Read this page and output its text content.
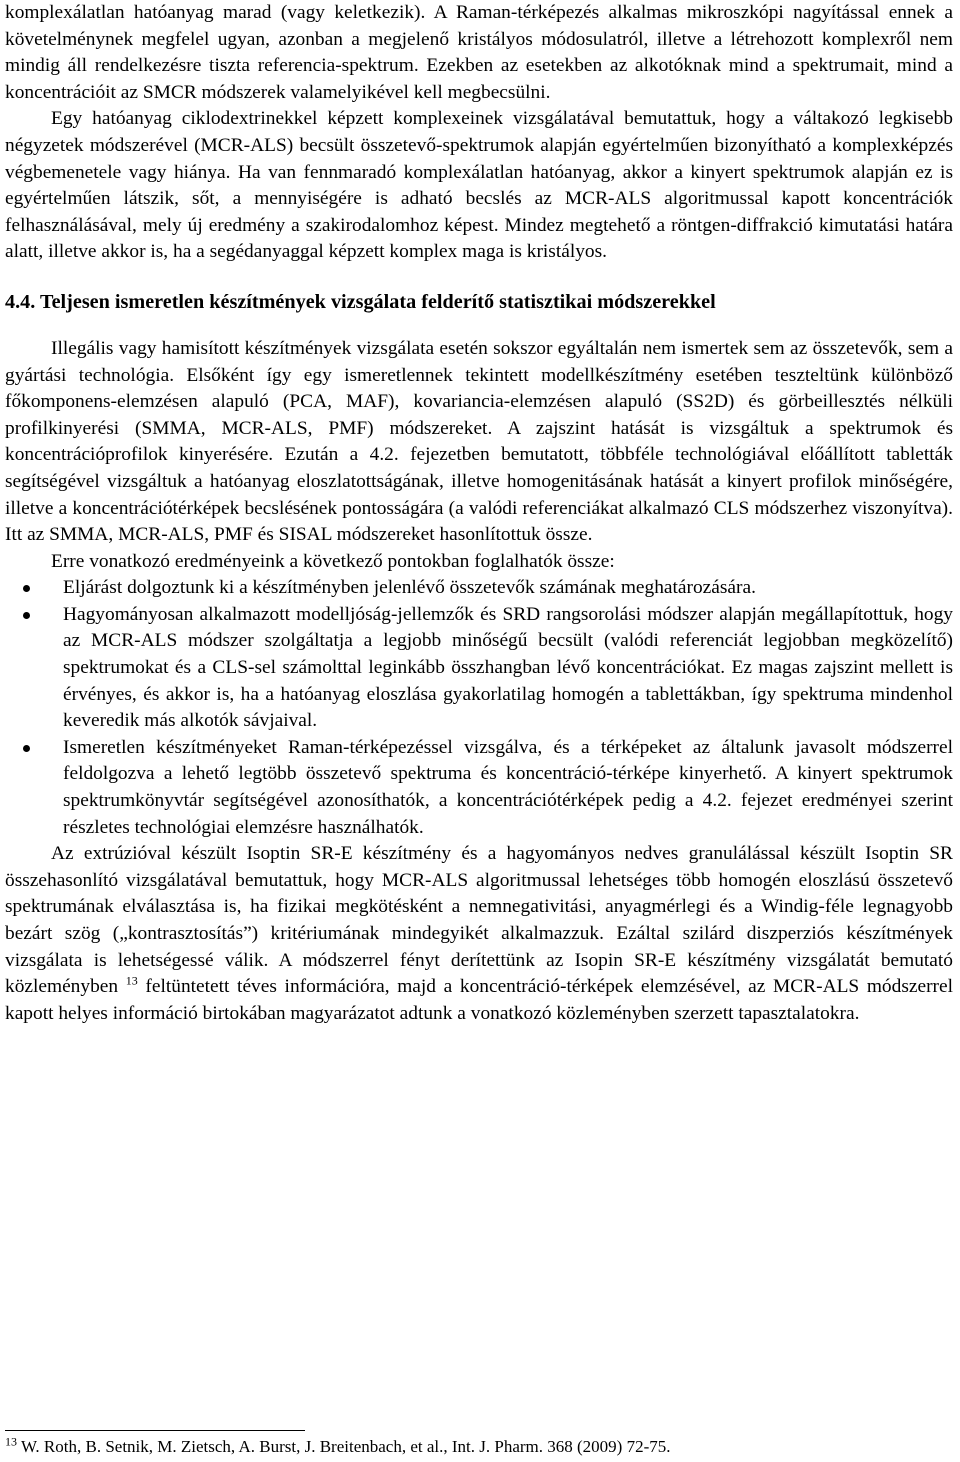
komplexálatlan hatóanyag marad (vagy keletkezik). A Raman-térképezés alkalmas mikroszkópi nagyítással ennek a követelménynek megfelel ugyan, azonban a megjelenő kristályos módosulatról, illetve a létrehozott komplexről nem mindig áll rendelkezésre tiszta referencia-spektrum. Ezekben az esetekben az alkotóknak mind a spektrumait, mind a koncentrációit az SMCR módszerek valamelyikével kell megbecsülni.

Egy hatóanyag ciklodextrinekkel képzett komplexeinek vizsgálatával bemutattuk, hogy a váltakozó legkisebb négyzetek módszerével (MCR-ALS) becsült összetevő-spektrumok alapján egyértelműen bizonyítható a komplexképzés végbemenetele vagy hiánya. Ha van fennmaradó komplexálatlan hatóanyag, akkor a kinyert spektrumok alapján ez is egyértelműen látszik, sőt, a mennyiségére is adható becslés az MCR-ALS algoritmussal kapott koncentrációk felhasználásával, mely új eredmény a szakirodalomhoz képest. Mindez megtehető a röntgen-diffrakció kimutatási határa alatt, illetve akkor is, ha a segédanyaggal képzett komplex maga is kristályos.

4.4. Teljesen ismeretlen készítmények vizsgálata felderítő statisztikai módszerekkel

Illegális vagy hamisított készítmények vizsgálata esetén sokszor egyáltalán nem ismertek sem az összetevők, sem a gyártási technológia. Elsőként így egy ismeretlennek tekintett modellkészítmény esetében teszteltünk különböző főkomponens-elemzésen alapuló (PCA, MAF), kovariancia-elemzésen alapuló (SS2D) és görbeillesztés nélküli profilkinyerési (SMMA, MCR-ALS, PMF) módszereket. A zajszint hatását is vizsgáltuk a spektrumok és koncentrációprofilok kinyerésére. Ezután a 4.2. fejezetben bemutatott, többféle technológiával előállított tabletták segítségével vizsgáltuk a hatóanyag eloszlatottságának, illetve homogenitásának hatását a kinyert profilok minőségére, illetve a koncentrációtérképek becslésének pontosságára (a valódi referenciákat alkalmazó CLS módszerhez viszonyítva). Itt az SMMA, MCR-ALS, PMF és SISAL módszereket hasonlítottuk össze.

Erre vonatkozó eredményeink a következő pontokban foglalhatók össze:

Eljárást dolgoztunk ki a készítményben jelenlévő összetevők számának meghatározására.
Hagyományosan alkalmazott modelljóság-jellemzők és SRD rangsorolási módszer alapján megállapítottuk, hogy az MCR-ALS módszer szolgáltatja a legjobb minőségű becsült (valódi referenciát legjobban megközelítő) spektrumokat és a CLS-sel számolttal leginkább összhangban lévő koncentrációkat. Ez magas zajszint mellett is érvényes, és akkor is, ha a hatóanyag eloszlása gyakorlatilag homogén a tablettákban, így spektruma mindenhol keveredik más alkotók sávjaival.
Ismeretlen készítményeket Raman-térképezéssel vizsgálva, és a térképeket az általunk javasolt módszerrel feldolgozva a lehető legtöbb összetevő spektruma és koncentráció-térképe kinyerhető. A kinyert spektrumok spektrumkönyvtár segítségével azonosíthatók, a koncentrációtérképek pedig a 4.2. fejezet eredményei szerint részletes technológiai elemzésre használhatók.

Az extrúzióval készült Isoptin SR-E készítmény és a hagyományos nedves granulálással készült Isoptin SR összehasonlító vizsgálatával bemutattuk, hogy MCR-ALS algoritmussal lehetséges több homogén eloszlású összetevő spektrumának elválasztása is, ha fizikai megkötésként a nemnegativitási, anyagmérlegi és a Windig-féle legnagyobb bezárt szög („kontrasztosítás”) kritériumának mindegyikét alkalmazzuk. Ezáltal szilárd diszperziós készítmények vizsgálata is lehetségessé válik. A módszerrel fényt derítettünk az Isopin SR-E készítmény vizsgálatát bemutató közleményben $^{13}$ feltüntetett téves információra, majd a koncentráció-térképek elemzésével, az MCR-ALS módszerrel kapott helyes információ birtokában magyarázatot adtunk a vonatkozó közleményben szerzett tapasztalatokra.

$^{13}$ W. Roth, B. Setnik, M. Zietsch, A. Burst, J. Breitenbach, et al., Int. J. Pharm. 368 (2009) 72-75.
